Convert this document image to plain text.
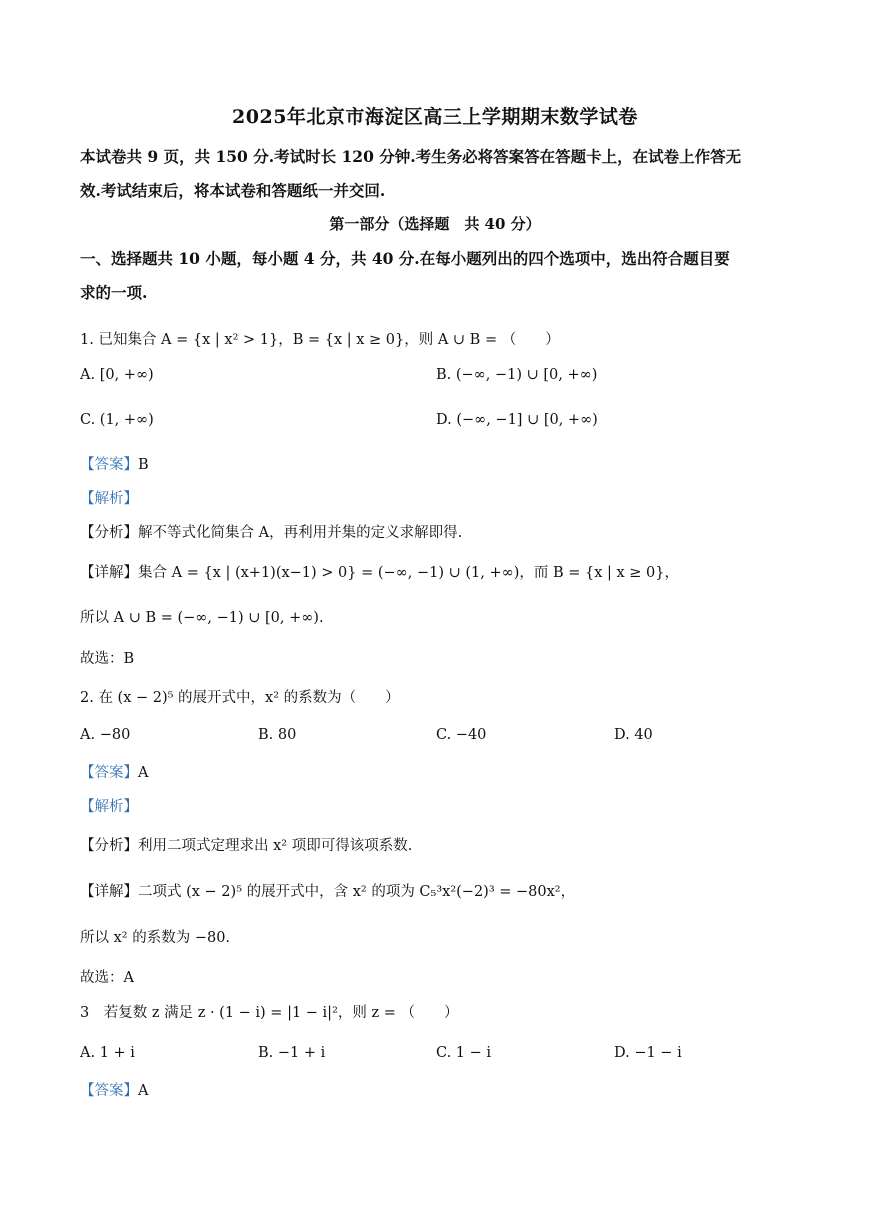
2025年北京市海淀区高三上学期期末数学试卷
本试卷共 9 页，共 150 分.考试时长 120 分钟.考生务必将答案答在答题卡上，在试卷上作答无
效.考试结束后，将本试卷和答题纸一并交回.
第一部分（选择题　共 40 分）
一、选择题共 10 小题，每小题 4 分，共 40 分.在每小题列出的四个选项中，选出符合题目要
求的一项.
1. 已知集合 A = {x | x² > 1}，B = {x | x ≥ 0}，则 A ∪ B = （　　）
A. [0, +∞)	B. (−∞, −1) ∪ [0, +∞)
C. (1, +∞)	D. (−∞, −1] ∪ [0, +∞)
【答案】B
【解析】
【分析】解不等式化简集合 A，再利用并集的定义求解即得.
【详解】集合 A = {x | (x+1)(x−1) > 0} = (−∞, −1) ∪ (1, +∞)，而 B = {x | x ≥ 0}，
所以 A ∪ B = (−∞, −1) ∪ [0, +∞).
故选：B
2. 在 (x − 2)⁵ 的展开式中，x² 的系数为（　　）
A. −80	B. 80	C. −40	D. 40
【答案】A
【解析】
【分析】利用二项式定理求出 x² 项即可得该项系数.
【详解】二项式 (x − 2)⁵ 的展开式中，含 x² 的项为 C₅³x²(−2)³ = −80x²，
所以 x² 的系数为 −80.
故选：A
3　若复数 z 满足 z · (1 − i) = |1 − i|²，则 z = （　　）
A. 1 + i	B. −1 + i	C. 1 − i	D. −1 − i
【答案】A
